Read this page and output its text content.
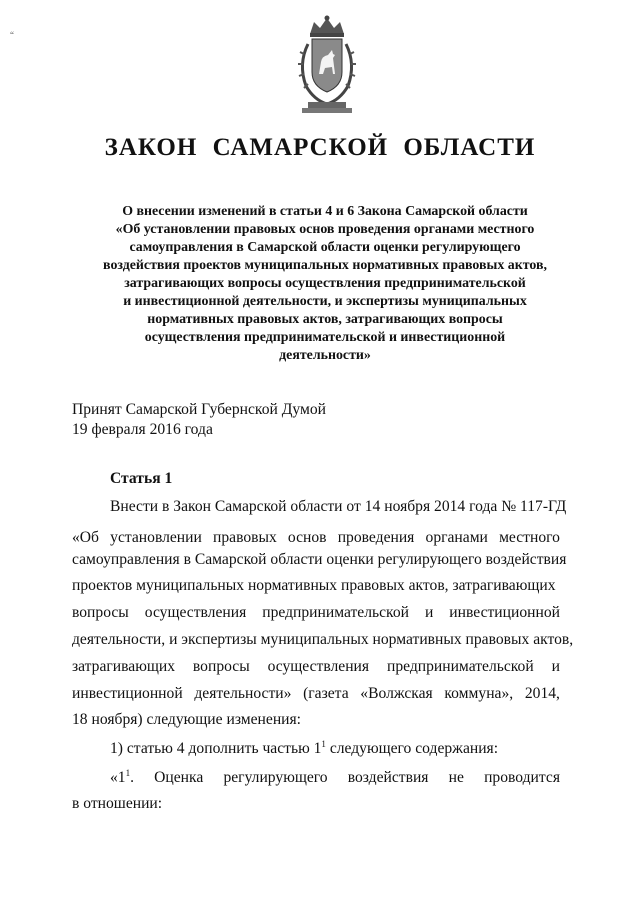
“
ЗАКОН САМАРСКОЙ ОБЛАСТИ
О внесении изменений в статьи 4 и 6 Закона Самарской области
«Об установлении правовых основ проведения органами местного
самоуправления в Самарской области оценки регулирующего
воздействия проектов муниципальных нормативных правовых актов,
затрагивающих вопросы осуществления предпринимательской
и инвестиционной деятельности, и экспертизы муниципальных
нормативных правовых актов, затрагивающих вопросы
осуществления предпринимательской и инвестиционной
деятельности»
Принят Самарской Губернской Думой
19 февраля 2016 года
Статья 1
Внести в Закон Самарской области от 14 ноября 2014 года № 117-ГД
«Об установлении правовых основ проведения органами местного
самоуправления в Самарской области оценки регулирующего воздействия
проектов муниципальных нормативных правовых актов, затрагивающих
вопросы осуществления предпринимательской и инвестиционной
деятельности, и экспертизы муниципальных нормативных правовых актов,
затрагивающих вопросы осуществления предпринимательской и
инвестиционной деятельности» (газета «Волжская коммуна», 2014,
18 ноября) следующие изменения:
1) статью 4 дополнить частью $1^1$ следующего содержания:
«$1^1$. Оценка регулирующего воздействия не проводится
в отношении:
